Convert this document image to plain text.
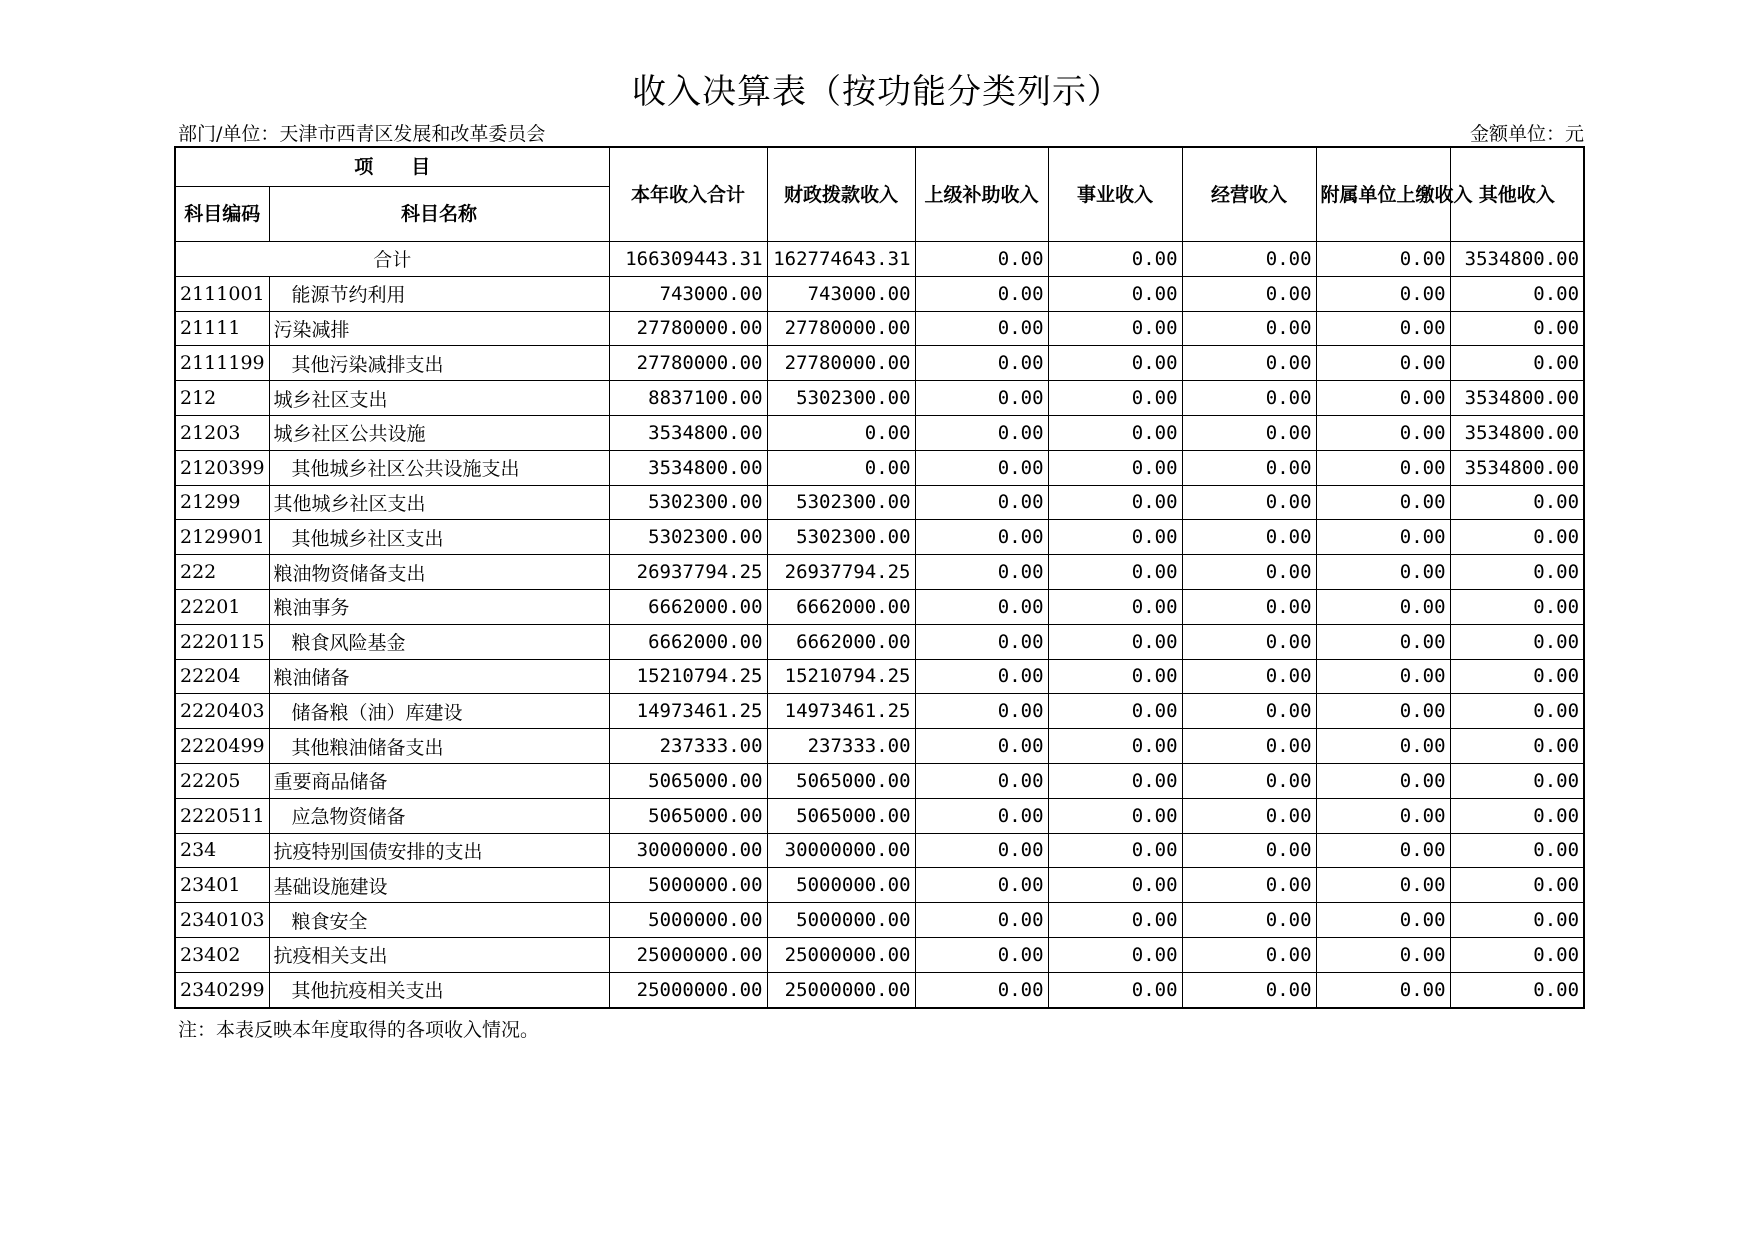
收入决算表（按功能分类列示）
部门/单位：天津市西青区发展和改革委员会	金额单位：元
项　　目		本年收入合计	财政拨款收入	上级补助收入	事业收入	经营收入	附属单位上缴收入	其他收入
科目编码	科目名称							
合计		166309443.31	162774643.31	0.00	0.00	0.00	0.00	3534800.00
2111001	能源节约利用	743000.00	743000.00	0.00	0.00	0.00	0.00	0.00
21111	污染减排	27780000.00	27780000.00	0.00	0.00	0.00	0.00	0.00
2111199	其他污染减排支出	27780000.00	27780000.00	0.00	0.00	0.00	0.00	0.00
212	城乡社区支出	8837100.00	5302300.00	0.00	0.00	0.00	0.00	3534800.00
21203	城乡社区公共设施	3534800.00	0.00	0.00	0.00	0.00	0.00	3534800.00
2120399	其他城乡社区公共设施支出	3534800.00	0.00	0.00	0.00	0.00	0.00	3534800.00
21299	其他城乡社区支出	5302300.00	5302300.00	0.00	0.00	0.00	0.00	0.00
2129901	其他城乡社区支出	5302300.00	5302300.00	0.00	0.00	0.00	0.00	0.00
222	粮油物资储备支出	26937794.25	26937794.25	0.00	0.00	0.00	0.00	0.00
22201	粮油事务	6662000.00	6662000.00	0.00	0.00	0.00	0.00	0.00
2220115	粮食风险基金	6662000.00	6662000.00	0.00	0.00	0.00	0.00	0.00
22204	粮油储备	15210794.25	15210794.25	0.00	0.00	0.00	0.00	0.00
2220403	储备粮（油）库建设	14973461.25	14973461.25	0.00	0.00	0.00	0.00	0.00
2220499	其他粮油储备支出	237333.00	237333.00	0.00	0.00	0.00	0.00	0.00
22205	重要商品储备	5065000.00	5065000.00	0.00	0.00	0.00	0.00	0.00
2220511	应急物资储备	5065000.00	5065000.00	0.00	0.00	0.00	0.00	0.00
234	抗疫特别国债安排的支出	30000000.00	30000000.00	0.00	0.00	0.00	0.00	0.00
23401	基础设施建设	5000000.00	5000000.00	0.00	0.00	0.00	0.00	0.00
2340103	粮食安全	5000000.00	5000000.00	0.00	0.00	0.00	0.00	0.00
23402	抗疫相关支出	25000000.00	25000000.00	0.00	0.00	0.00	0.00	0.00
2340299	其他抗疫相关支出	25000000.00	25000000.00	0.00	0.00	0.00	0.00	0.00
注：本表反映本年度取得的各项收入情况。
